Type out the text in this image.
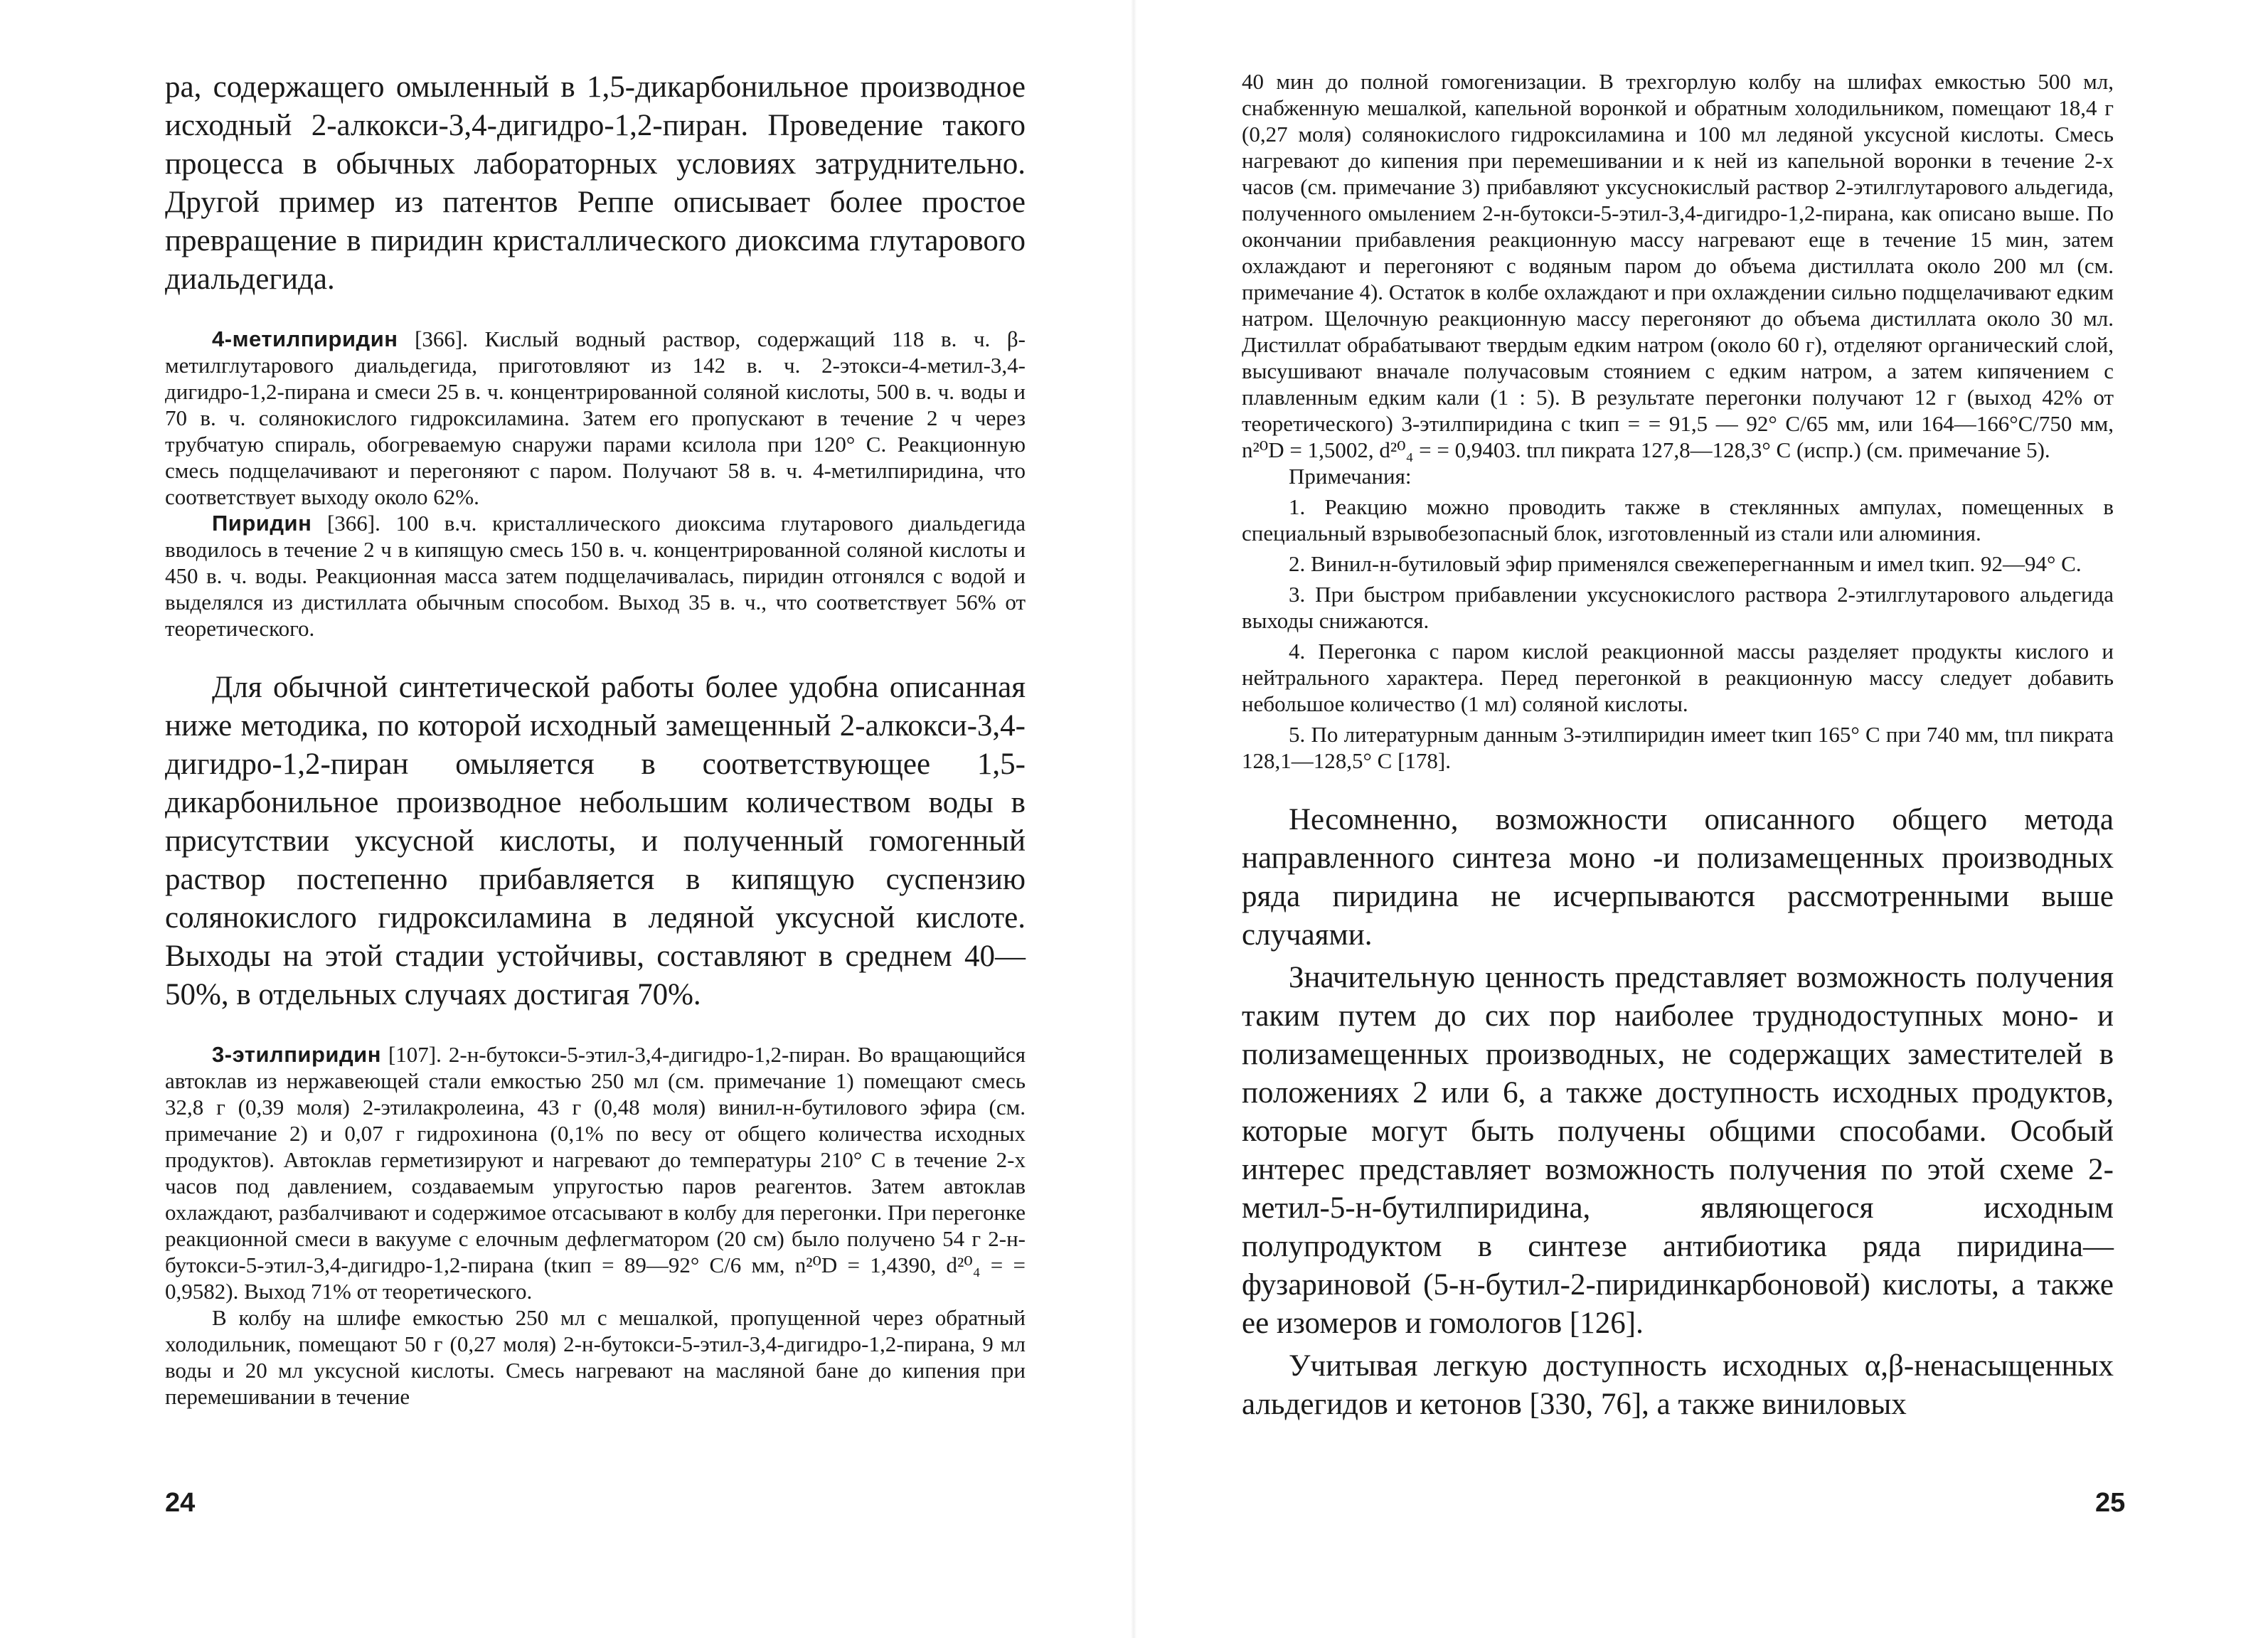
ра, содержащего омыленный в 1,5-дикарбонильное производное исходный 2-алкокси-3,4-дигидро-1,2-пиран. Проведение такого процесса в обычных лабораторных условиях затруднительно. Другой пример из патентов Реппе описывает более простое превращение в пиридин кристаллического диоксима глутарового диальдегида.

4-метилпиридин [366]. Кислый водный раствор, содержащий 118 в. ч. β-метилглутарового диальдегида, приготовляют из 142 в. ч. 2-этокси-4-метил-3,4-дигидро-1,2-пирана и смеси 25 в. ч. концентрированной соляной кислоты, 500 в. ч. воды и 70 в. ч. солянокислого гидроксиламина. Затем его пропускают в течение 2 ч через трубчатую спираль, обогреваемую снаружи парами ксилола при 120° С. Реакционную смесь подщелачивают и перегоняют с паром. Получают 58 в. ч. 4-метилпиридина, что соответствует выходу около 62%.

Пиридин [366]. 100 в.ч. кристаллического диоксима глутарового диальдегида вводилось в течение 2 ч в кипящую смесь 150 в. ч. концентрированной соляной кислоты и 450 в. ч. воды. Реакционная масса затем подщелачивалась, пиридин отгонялся с водой и выделялся из дистиллата обычным способом. Выход 35 в. ч., что соответствует 56% от теоретического.

Для обычной синтетической работы более удобна описанная ниже методика, по которой исходный замещенный 2-алкокси-3,4-дигидро-1,2-пиран омыляется в соответствующее 1,5-дикарбонильное производное небольшим количеством воды в присутствии уксусной кислоты, и полученный гомогенный раствор постепенно прибавляется в кипящую суспензию солянокислого гидроксиламина в ледяной уксусной кислоте. Выходы на этой стадии устойчивы, составляют в среднем 40—50%, в отдельных случаях достигая 70%.

3-этилпиридин [107]. 2-н-бутокси-5-этил-3,4-дигидро-1,2-пиран. Во вращающийся автоклав из нержавеющей стали емкостью 250 мл (см. примечание 1) помещают смесь 32,8 г (0,39 моля) 2-этилакролеина, 43 г (0,48 моля) винил-н-бутилового эфира (см. примечание 2) и 0,07 г гидрохинона (0,1% по весу от общего количества исходных продуктов). Автоклав герметизируют и нагревают до температуры 210° С в течение 2-х часов под давлением, создаваемым упругостью паров реагентов. Затем автоклав охлаждают, разбалчивают и содержимое отсасывают в колбу для перегонки. При перегонке реакционной смеси в вакууме с елочным дефлегматором (20 см) было получено 54 г 2-н-бутокси-5-этил-3,4-дигидро-1,2-пирана (tкип = 89—92° С/6 мм, n²⁰D = 1,4390, d²⁰₄ = = 0,9582). Выход 71% от теоретического.

В колбу на шлифе емкостью 250 мл с мешалкой, пропущенной через обратный холодильник, помещают 50 г (0,27 моля) 2-н-бутокси-5-этил-3,4-дигидро-1,2-пирана, 9 мл воды и 20 мл уксусной кислоты. Смесь нагревают на масляной бане до кипения при перемешивании в течение

24

40 мин до полной гомогенизации. В трехгорлую колбу на шлифах емкостью 500 мл, снабженную мешалкой, капельной воронкой и обратным холодильником, помещают 18,4 г (0,27 моля) солянокислого гидроксиламина и 100 мл ледяной уксусной кислоты. Смесь нагревают до кипения при перемешивании и к ней из капельной воронки в течение 2-х часов (см. примечание 3) прибавляют уксуснокислый раствор 2-этилглутарового альдегида, полученного омылением 2-н-бутокси-5-этил-3,4-дигидро-1,2-пирана, как описано выше. По окончании прибавления реакционную массу нагревают еще в течение 15 мин, затем охлаждают и перегоняют с водяным паром до объема дистиллата около 200 мл (см. примечание 4). Остаток в колбе охлаждают и при охлаждении сильно подщелачивают едким натром. Щелочную реакционную массу перегоняют до объема дистиллата около 30 мл. Дистиллат обрабатывают твердым едким натром (около 60 г), отделяют органический слой, высушивают вначале получасовым стоянием с едким натром, а затем кипячением с плавленным едким кали (1 : 5). В результате перегонки получают 12 г (выход 42% от теоретического) 3-этилпиридина с tкип = = 91,5 — 92° С/65 мм, или 164—166°С/750 мм, n²⁰D = 1,5002, d²⁰₄ = = 0,9403. tпл пикрата 127,8—128,3° С (испр.) (см. примечание 5).

Примечания:

1. Реакцию можно проводить также в стеклянных ампулах, помещенных в специальный взрывобезопасный блок, изготовленный из стали или алюминия.

2. Винил-н-бутиловый эфир применялся свежеперегнанным и имел tкип. 92—94° С.

3. При быстром прибавлении уксуснокислого раствора 2-этилглутарового альдегида выходы снижаются.

4. Перегонка с паром кислой реакционной массы разделяет продукты кислого и нейтрального характера. Перед перегонкой в реакционную массу следует добавить небольшое количество (1 мл) соляной кислоты.

5. По литературным данным 3-этилпиридин имеет tкип 165° С при 740 мм, tпл пикрата 128,1—128,5° С [178].

Несомненно, возможности описанного общего метода направленного синтеза моно -и полизамещенных производных ряда пиридина не исчерпываются рассмотренными выше случаями.

Значительную ценность представляет возможность получения таким путем до сих пор наиболее труднодоступных моно- и полизамещенных производных, не содержащих заместителей в положениях 2 или 6, а также доступность исходных продуктов, которые могут быть получены общими способами. Особый интерес представляет возможность получения по этой схеме 2-метил-5-н-бутилпиридина, являющегося исходным полупродуктом в синтезе антибиотика ряда пиридина—фузариновой (5-н-бутил-2-пиридинкарбоновой) кислоты, а также ее изомеров и гомологов [126].

Учитывая легкую доступность исходных α,β-ненасыщенных альдегидов и кетонов [330, 76], а также виниловых

25
